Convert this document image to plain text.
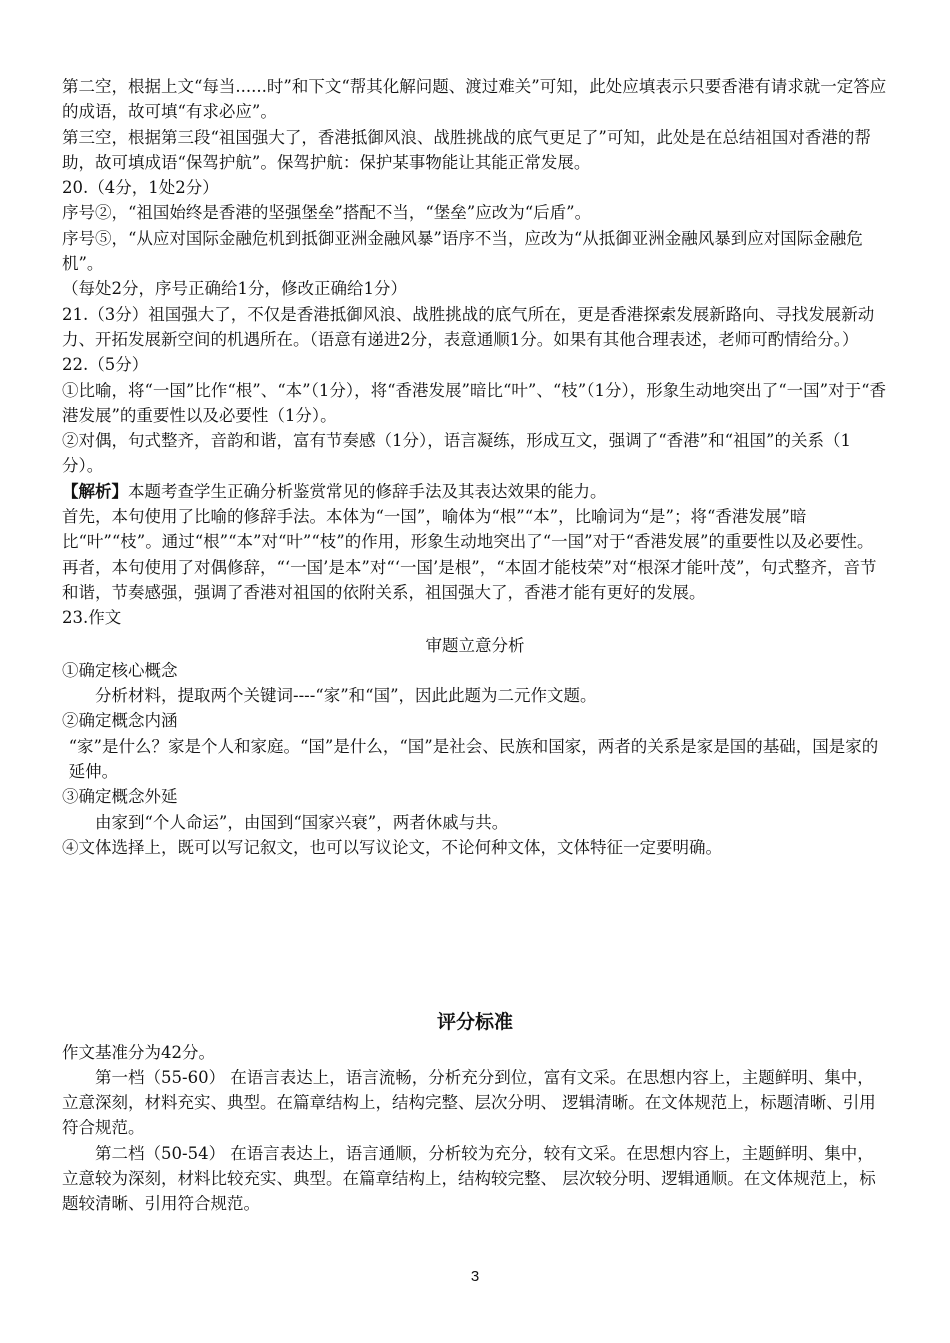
第二空，根据上文“每当......时”和下文“帮其化解问题、渡过难关”可知，此处应填表示只要香港有请求就一定答应的成语，故可填“有求必应”。

第三空，根据第三段“祖国强大了，香港抵御风浪、战胜挑战的底气更足了”可知，此处是在总结祖国对香港的帮助，故可填成语“保驾护航”。保驾护航：保护某事物能让其能正常发展。

20.（4分，1处2分）

序号②，“祖国始终是香港的坚强堡垒”搭配不当，“堡垒”应改为“后盾”。

序号⑤，“从应对国际金融危机到抵御亚洲金融风暴”语序不当，应改为“从抵御亚洲金融风暴到应对国际金融危机”。

（每处2分，序号正确给1分，修改正确给1分）

21.（3分）祖国强大了，不仅是香港抵御风浪、战胜挑战的底气所在，更是香港探索发展新路向、寻找发展新动力、开拓发展新空间的机遇所在。（语意有递进2分，表意通顺1分。如果有其他合理表述，老师可酌情给分。）

22.（5分）

①比喻，将“一国”比作“根”、“本”（1分），将“香港发展”暗比“叶”、“枝”（1分），形象生动地突出了“一国”对于“香港发展”的重要性以及必要性（1分）。

②对偶，句式整齐，音韵和谐，富有节奏感（1分），语言凝练，形成互文，强调了“香港”和“祖国”的关系（1分）。

【解析】本题考查学生正确分析鉴赏常见的修辞手法及其表达效果的能力。

首先，本句使用了比喻的修辞手法。本体为“一国”，喻体为“根”“本”，比喻词为“是”；将“香港发展”暗比“叶”“枝”。通过“根”“本”对“叶”“枝”的作用，形象生动地突出了“一国”对于“香港发展”的重要性以及必要性。

再者，本句使用了对偶修辞，“‘一国’是本”对“‘一国’是根”，“本固才能枝荣”对“根深才能叶茂”，句式整齐，音节和谐，节奏感强，强调了香港对祖国的依附关系，祖国强大了，香港才能有更好的发展。

23.作文

审题立意分析

①确定核心概念

分析材料，提取两个关键词----“家”和“国”，因此此题为二元作文题。

②确定概念内涵

“家”是什么？家是个人和家庭。“国”是什么，“国”是社会、民族和国家，两者的关系是家是国的基础，国是家的延伸。

③确定概念外延

由家到“个人命运”，由国到“国家兴衰”，两者休戚与共。

④文体选择上，既可以写记叙文，也可以写议论文，不论何种文体，文体特征一定要明确。

评分标准

作文基准分为42分。

第一档（55-60） 在语言表达上，语言流畅，分析充分到位，富有文采。在思想内容上，主题鲜明、集中，立意深刻，材料充实、典型。在篇章结构上，结构完整、层次分明、 逻辑清晰。在文体规范上，标题清晰、引用符合规范。

第二档（50-54） 在语言表达上，语言通顺，分析较为充分，较有文采。在思想内容上，主题鲜明、集中，立意较为深刻，材料比较充实、典型。在篇章结构上，结构较完整、 层次较分明、逻辑通顺。在文体规范上，标题较清晰、引用符合规范。

3
